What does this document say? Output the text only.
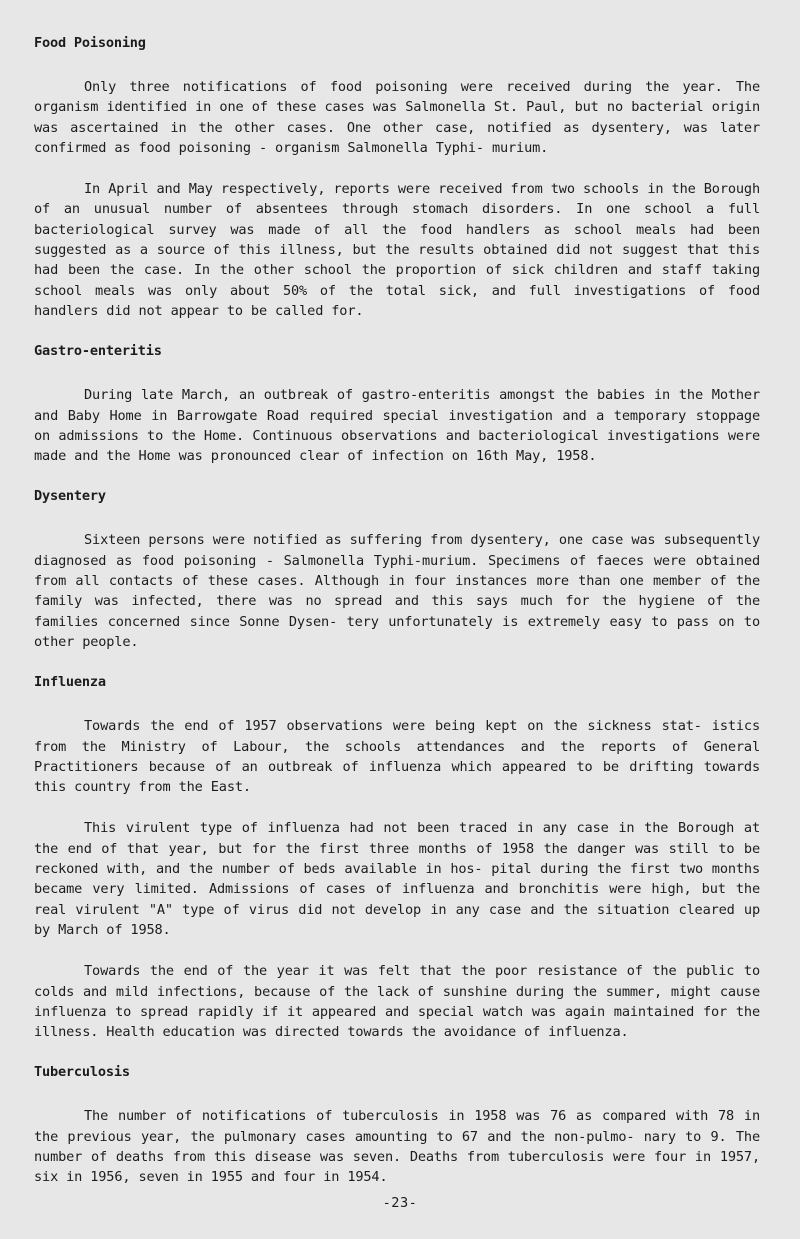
Food Poisoning

Only three notifications of food poisoning were received during the year. The organism identified in one of these cases was Salmonella St. Paul, but no bacterial origin was ascertained in the other cases. One other case, notified as dysentery, was later confirmed as food poisoning - organism Salmonella Typhi- murium.

In April and May respectively, reports were received from two schools in the Borough of an unusual number of absentees through stomach disorders. In one school a full bacteriological survey was made of all the food handlers as school meals had been suggested as a source of this illness, but the results obtained did not suggest that this had been the case. In the other school the proportion of sick children and staff taking school meals was only about 50% of the total sick, and full investigations of food handlers did not appear to be called for.

Gastro-enteritis

During late March, an outbreak of gastro-enteritis amongst the babies in the Mother and Baby Home in Barrowgate Road required special investigation and a temporary stoppage on admissions to the Home. Continuous observations and bacteriological investigations were made and the Home was pronounced clear of infection on 16th May, 1958.

Dysentery

Sixteen persons were notified as suffering from dysentery, one case was subsequently diagnosed as food poisoning - Salmonella Typhi-murium. Specimens of faeces were obtained from all contacts of these cases. Although in four instances more than one member of the family was infected, there was no spread and this says much for the hygiene of the families concerned since Sonne Dysen- tery unfortunately is extremely easy to pass on to other people.

Influenza

Towards the end of 1957 observations were being kept on the sickness stat- istics from the Ministry of Labour, the schools attendances and the reports of General Practitioners because of an outbreak of influenza which appeared to be drifting towards this country from the East.

This virulent type of influenza had not been traced in any case in the Borough at the end of that year, but for the first three months of 1958 the danger was still to be reckoned with, and the number of beds available in hos- pital during the first two months became very limited. Admissions of cases of influenza and bronchitis were high, but the real virulent "A" type of virus did not develop in any case and the situation cleared up by March of 1958.

Towards the end of the year it was felt that the poor resistance of the public to colds and mild infections, because of the lack of sunshine during the summer, might cause influenza to spread rapidly if it appeared and special watch was again maintained for the illness. Health education was directed towards the avoidance of influenza.

Tuberculosis

The number of notifications of tuberculosis in 1958 was 76 as compared with 78 in the previous year, the pulmonary cases amounting to 67 and the non-pulmo- nary to 9. The number of deaths from this disease was seven. Deaths from tuberculosis were four in 1957, six in 1956, seven in 1955 and four in 1954.

-23-
